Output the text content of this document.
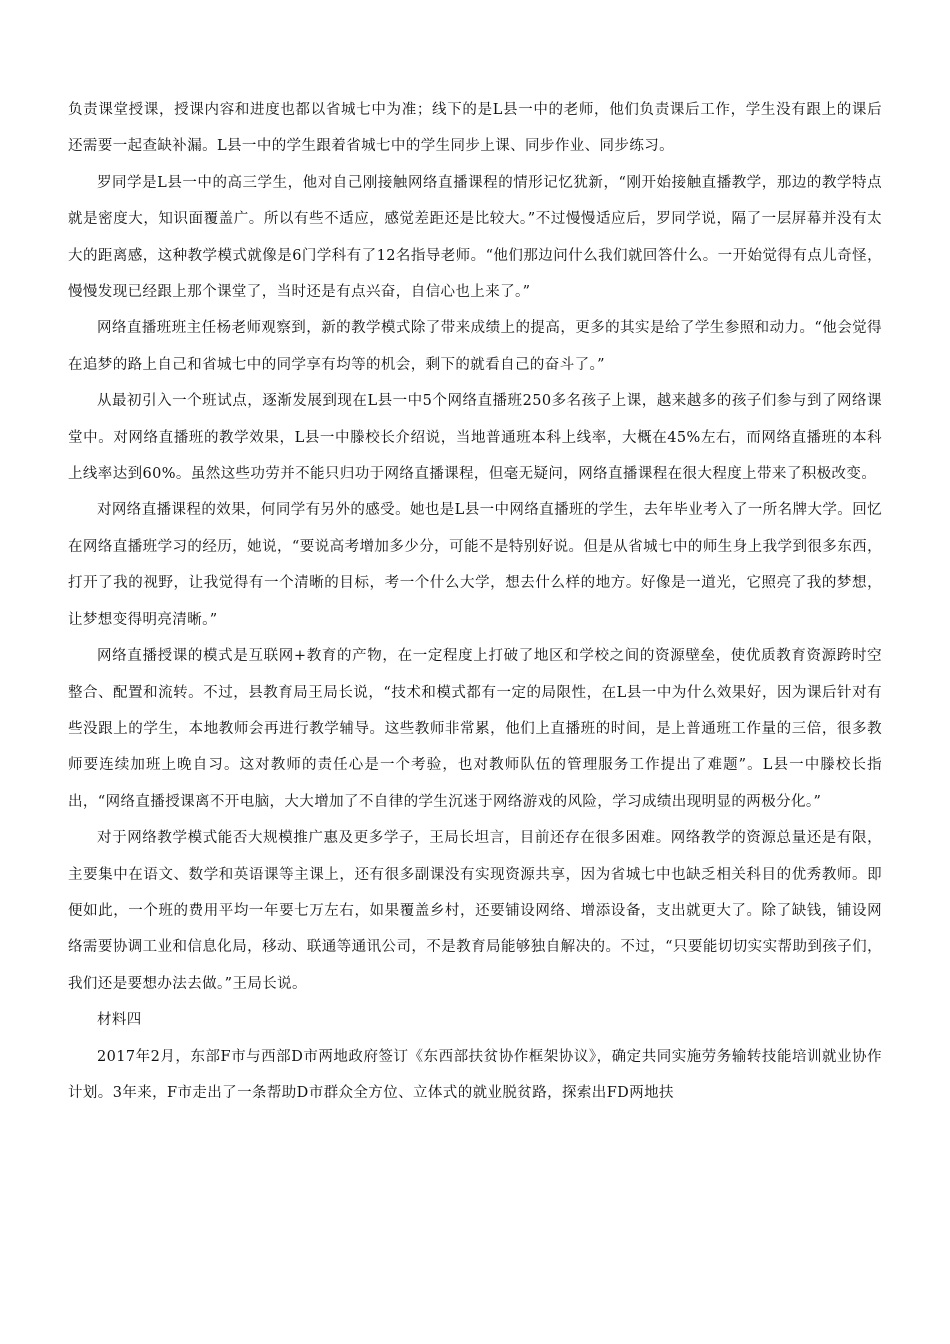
负责课堂授课，授课内容和进度也都以省城七中为准；线下的是L县一中的老师，他们负责课后工作，学生没有跟上的课后还需要一起查缺补漏。L县一中的学生跟着省城七中的学生同步上课、同步作业、同步练习。

罗同学是L县一中的高三学生，他对自己刚接触网络直播课程的情形记忆犹新，“刚开始接触直播教学，那边的教学特点就是密度大，知识面覆盖广。所以有些不适应，感觉差距还是比较大。”不过慢慢适应后，罗同学说，隔了一层屏幕并没有太大的距离感，这种教学模式就像是6门学科有了12名指导老师。“他们那边问什么我们就回答什么。一开始觉得有点儿奇怪，慢慢发现已经跟上那个课堂了，当时还是有点兴奋，自信心也上来了。”

网络直播班班主任杨老师观察到，新的教学模式除了带来成绩上的提高，更多的其实是给了学生参照和动力。“他会觉得在追梦的路上自己和省城七中的同学享有均等的机会，剩下的就看自己的奋斗了。”

从最初引入一个班试点，逐渐发展到现在L县一中5个网络直播班250多名孩子上课，越来越多的孩子们参与到了网络课堂中。对网络直播班的教学效果，L县一中滕校长介绍说，当地普通班本科上线率，大概在45%左右，而网络直播班的本科上线率达到60%。虽然这些功劳并不能只归功于网络直播课程，但毫无疑问，网络直播课程在很大程度上带来了积极改变。

对网络直播课程的效果，何同学有另外的感受。她也是L县一中网络直播班的学生，去年毕业考入了一所名牌大学。回忆在网络直播班学习的经历，她说，“要说高考增加多少分，可能不是特别好说。但是从省城七中的师生身上我学到很多东西，打开了我的视野，让我觉得有一个清晰的目标，考一个什么大学，想去什么样的地方。好像是一道光，它照亮了我的梦想，让梦想变得明亮清晰。”

网络直播授课的模式是互联网+教育的产物，在一定程度上打破了地区和学校之间的资源壁垒，使优质教育资源跨时空整合、配置和流转。不过，县教育局王局长说，“技术和模式都有一定的局限性，在L县一中为什么效果好，因为课后针对有些没跟上的学生，本地教师会再进行教学辅导。这些教师非常累，他们上直播班的时间，是上普通班工作量的三倍，很多教师要连续加班上晚自习。这对教师的责任心是一个考验，也对教师队伍的管理服务工作提出了难题”。L县一中滕校长指出，“网络直播授课离不开电脑，大大增加了不自律的学生沉迷于网络游戏的风险，学习成绩出现明显的两极分化。”

对于网络教学模式能否大规模推广惠及更多学子，王局长坦言，目前还存在很多困难。网络教学的资源总量还是有限，主要集中在语文、数学和英语课等主课上，还有很多副课没有实现资源共享，因为省城七中也缺乏相关科目的优秀教师。即便如此，一个班的费用平均一年要七万左右，如果覆盖乡村，还要铺设网络、增添设备，支出就更大了。除了缺钱，铺设网络需要协调工业和信息化局，移动、联通等通讯公司，不是教育局能够独自解决的。不过，“只要能切切实实帮助到孩子们，我们还是要想办法去做。”王局长说。

材料四

2017年2月，东部F市与西部D市两地政府签订《东西部扶贫协作框架协议》，确定共同实施劳务输转技能培训就业协作计划。3年来，F市走出了一条帮助D市群众全方位、立体式的就业脱贫路，探索出FD两地扶
